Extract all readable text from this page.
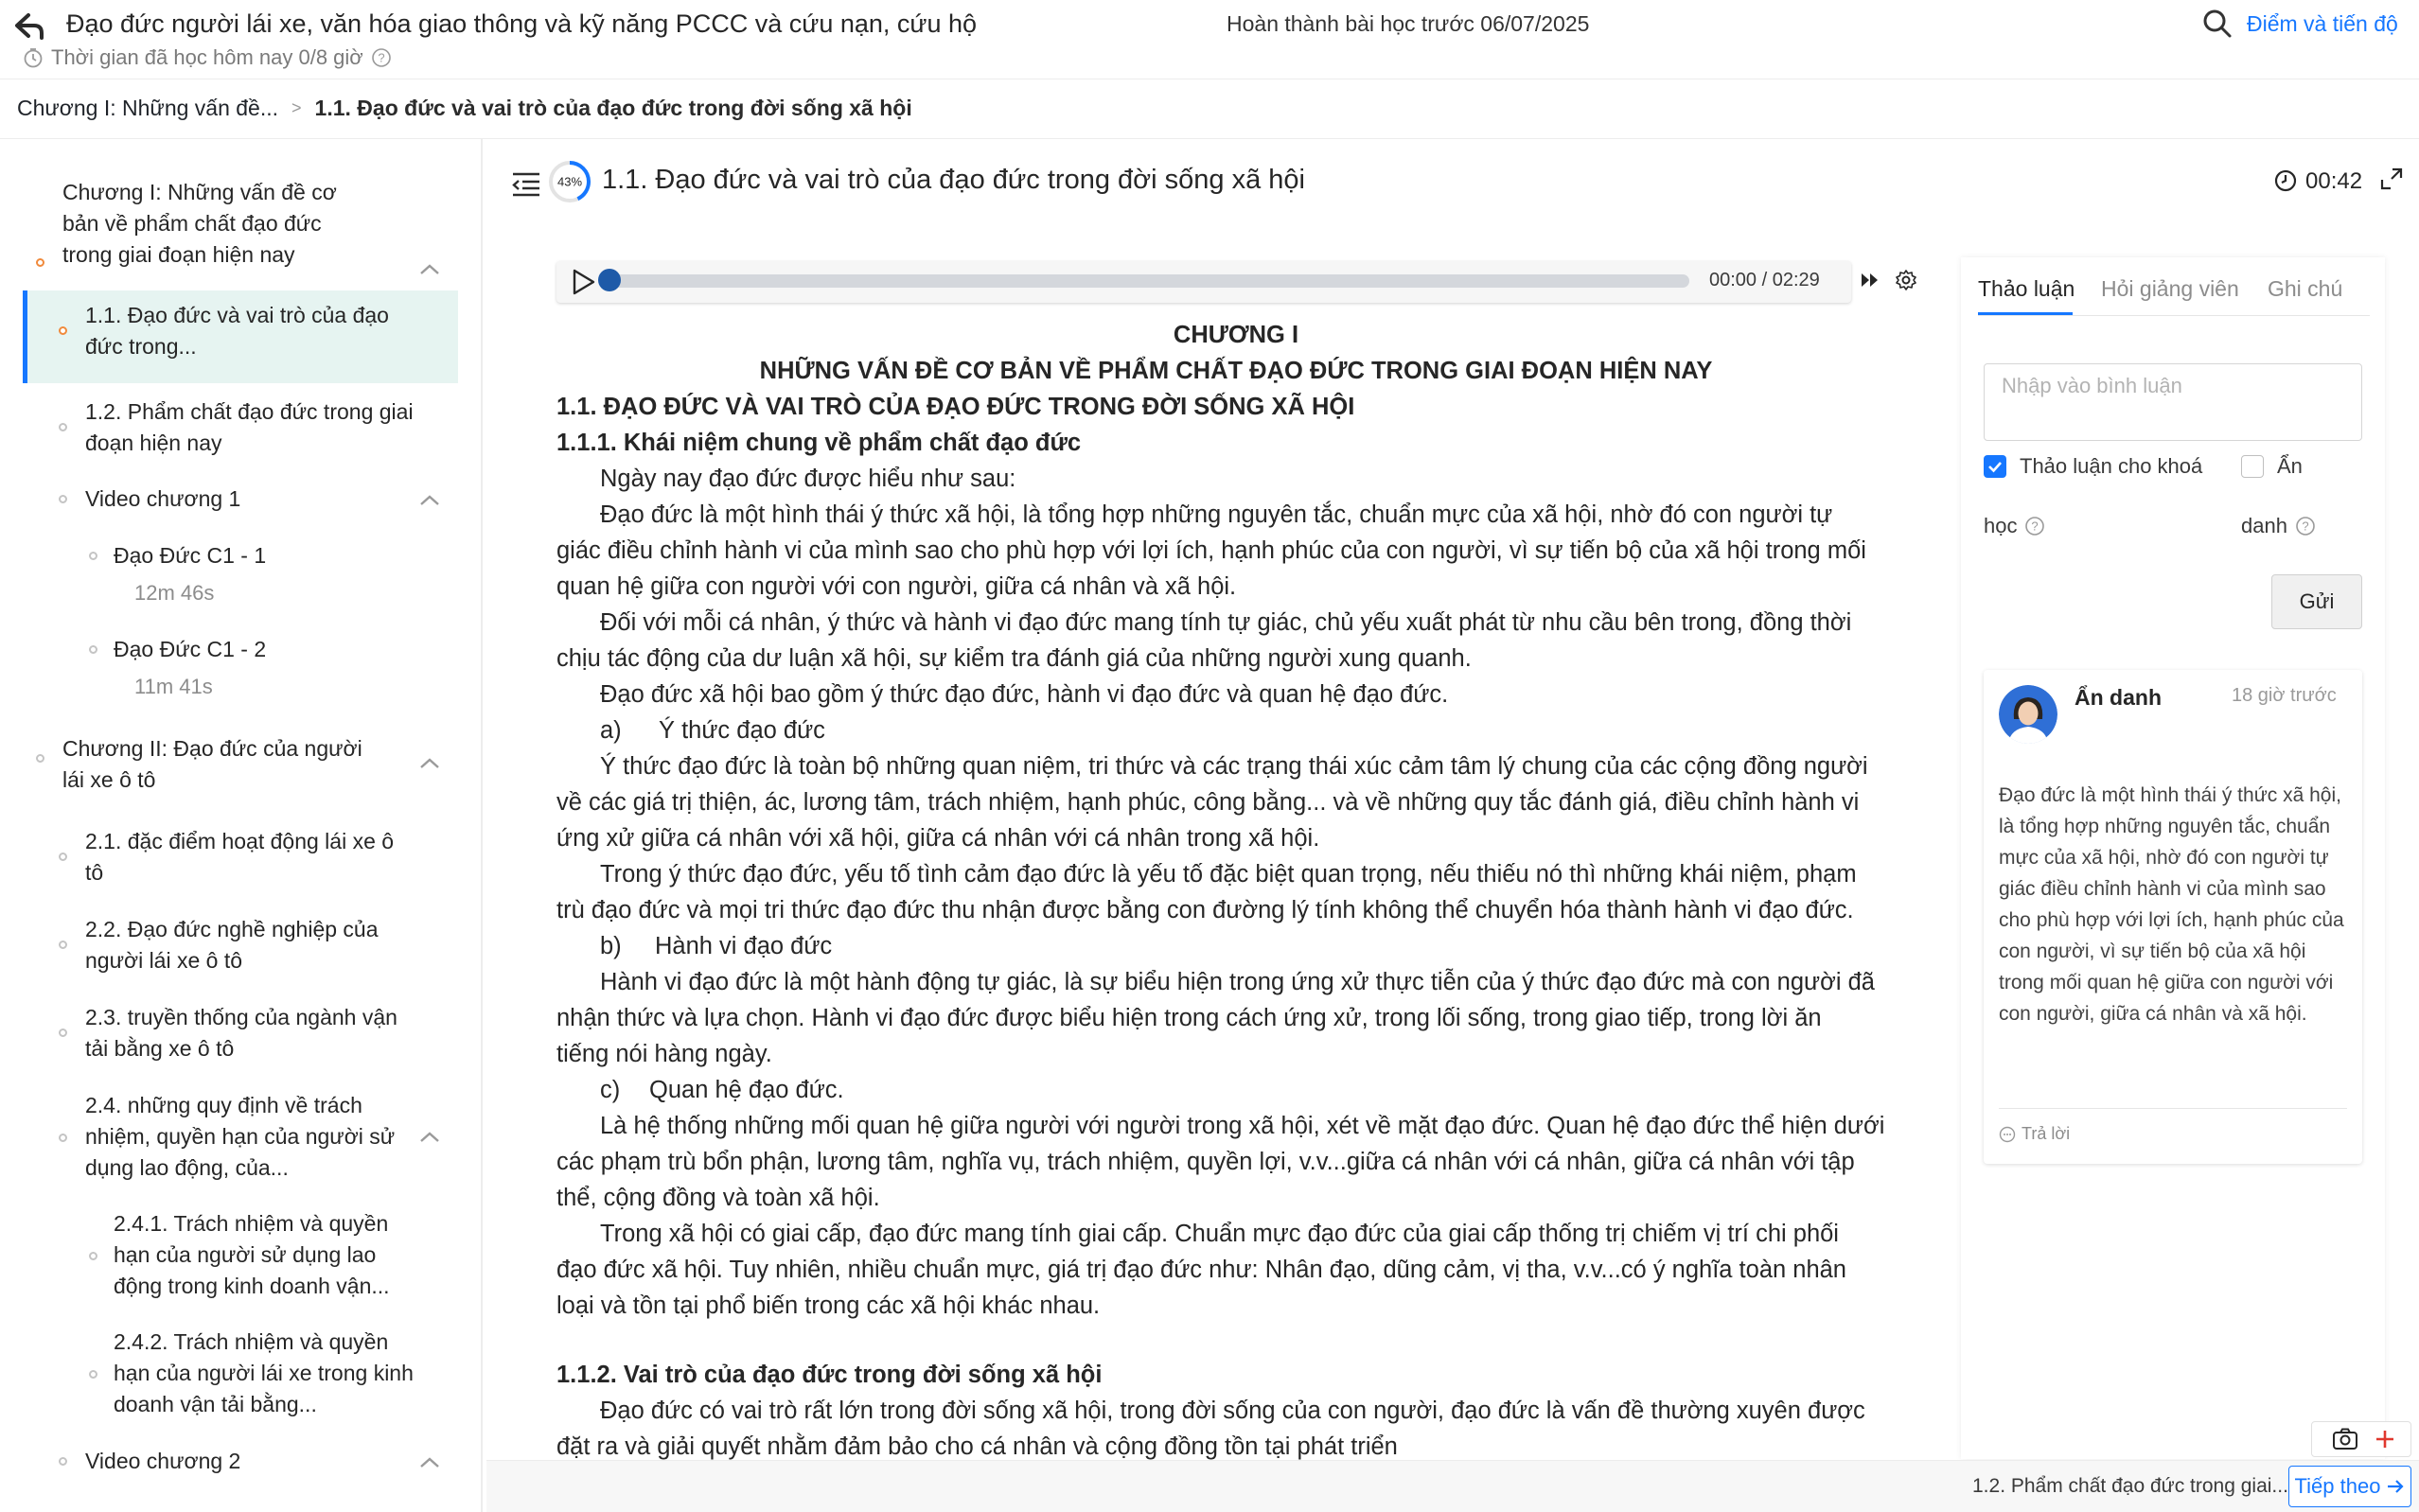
Đạo đức người lái xe, văn hóa giao thông và kỹ năng PCCC và cứu nạn, cứu hộ
Thời gian đã học hôm nay 0/8 giờ ?
Hoàn thành bài học trước 06/07/2025	Điểm và tiến độ
Chương I: Những vấn đề... > 1.1. Đạo đức và vai trò của đạo đức trong đời sống xã hội
Chương I: Những vấn đề cơ
bản về phẩm chất đạo đức
trong giai đoạn hiện nay
1.1. Đạo đức và vai trò của đạo
đức trong...
1.2. Phẩm chất đạo đức trong giai
đoạn hiện nay
Video chương 1
Đạo Đức C1 - 1
12m 46s
Đạo Đức C1 - 2
11m 41s
Chương II: Đạo đức của người
lái xe ô tô
2.1. đặc điểm hoạt động lái xe ô
tô
2.2. Đạo đức nghề nghiệp của
người lái xe ô tô
2.3. truyền thống của ngành vận
tải bằng xe ô tô
2.4. những quy định về trách
nhiệm, quyền hạn của người sử
dụng lao động, của...
2.4.1. Trách nhiệm và quyền
hạn của người sử dụng lao
động trong kinh doanh vận...
2.4.2. Trách nhiệm và quyền
hạn của người lái xe trong kinh
doanh vận tải bằng...
Video chương 2
43% 1.1. Đạo đức và vai trò của đạo đức trong đời sống xã hội	00:42
00:00 / 02:29
CHƯƠNG I
NHỮNG VẤN ĐỀ CƠ BẢN VỀ PHẨM CHẤT ĐẠO ĐỨC TRONG GIAI ĐOẠN HIỆN NAY
1.1. ĐẠO ĐỨC VÀ VAI TRÒ CỦA ĐẠO ĐỨC TRONG ĐỜI SỐNG XÃ HỘI
1.1.1. Khái niệm chung về phẩm chất đạo đức
Ngày nay đạo đức được hiểu như sau:
Đạo đức là một hình thái ý thức xã hội, là tổng hợp những nguyên tắc, chuẩn mực của xã hội, nhờ đó con người tự
giác điều chỉnh hành vi của mình sao cho phù hợp với lợi ích, hạnh phúc của con người, vì sự tiến bộ của xã hội trong mối
quan hệ giữa con người với con người, giữa cá nhân và xã hội.
Đối với mỗi cá nhân, ý thức và hành vi đạo đức mang tính tự giác, chủ yếu xuất phát từ nhu cầu bên trong, đồng thời
chịu tác động của dư luận xã hội, sự kiểm tra đánh giá của những người xung quanh.
Đạo đức xã hội bao gồm ý thức đạo đức, hành vi đạo đức và quan hệ đạo đức.
a) Ý thức đạo đức
Ý thức đạo đức là toàn bộ những quan niệm, tri thức và các trạng thái xúc cảm tâm lý chung của các cộng đồng người
về các giá trị thiện, ác, lương tâm, trách nhiệm, hạnh phúc, công bằng... và về những quy tắc đánh giá, điều chỉnh hành vi
ứng xử giữa cá nhân với xã hội, giữa cá nhân với cá nhân trong xã hội.
Trong ý thức đạo đức, yếu tố tình cảm đạo đức là yếu tố đặc biệt quan trọng, nếu thiếu nó thì những khái niệm, phạm
trù đạo đức và mọi tri thức đạo đức thu nhận được bằng con đường lý tính không thể chuyển hóa thành hành vi đạo đức.
b) Hành vi đạo đức
Hành vi đạo đức là một hành động tự giác, là sự biểu hiện trong ứng xử thực tiễn của ý thức đạo đức mà con người đã
nhận thức và lựa chọn. Hành vi đạo đức được biểu hiện trong cách ứng xử, trong lối sống, trong giao tiếp, trong lời ăn
tiếng nói hàng ngày.
c) Quan hệ đạo đức.
Là hệ thống những mối quan hệ giữa người với người trong xã hội, xét về mặt đạo đức. Quan hệ đạo đức thể hiện dưới
các phạm trù bổn phận, lương tâm, nghĩa vụ, trách nhiệm, quyền lợi, v.v...giữa cá nhân với cá nhân, giữa cá nhân với tập
thể, cộng đồng và toàn xã hội.
Trong xã hội có giai cấp, đạo đức mang tính giai cấp. Chuẩn mực đạo đức của giai cấp thống trị chiếm vị trí chi phối
đạo đức xã hội. Tuy nhiên, nhiều chuẩn mực, giá trị đạo đức như: Nhân đạo, dũng cảm, vị tha, v.v...có ý nghĩa toàn nhân
loại và tồn tại phổ biến trong các xã hội khác nhau.
1.1.2. Vai trò của đạo đức trong đời sống xã hội
Đạo đức có vai trò rất lớn trong đời sống xã hội, trong đời sống của con người, đạo đức là vấn đề thường xuyên được
đặt ra và giải quyết nhằm đảm bảo cho cá nhân và cộng đồng tồn tại phát triển
Thảo luận Hỏi giảng viên Ghi chú
Nhập vào bình luận
Thảo luận cho khoá
học ?
Ẩn
danh ?
Gửi
Ẩn danh	18 giờ trước
Đạo đức là một hình thái ý thức xã hội, là tổng hợp những nguyên tắc, chuẩn mực của xã hội, nhờ đó con người tự giác điều chỉnh hành vi của mình sao cho phù hợp với lợi ích, hạnh phúc của con người, vì sự tiến bộ của xã hội trong mối quan hệ giữa con người với con người, giữa cá nhân và xã hội.
Trả lời
1.2. Phẩm chất đạo đức trong giai... Tiếp theo
